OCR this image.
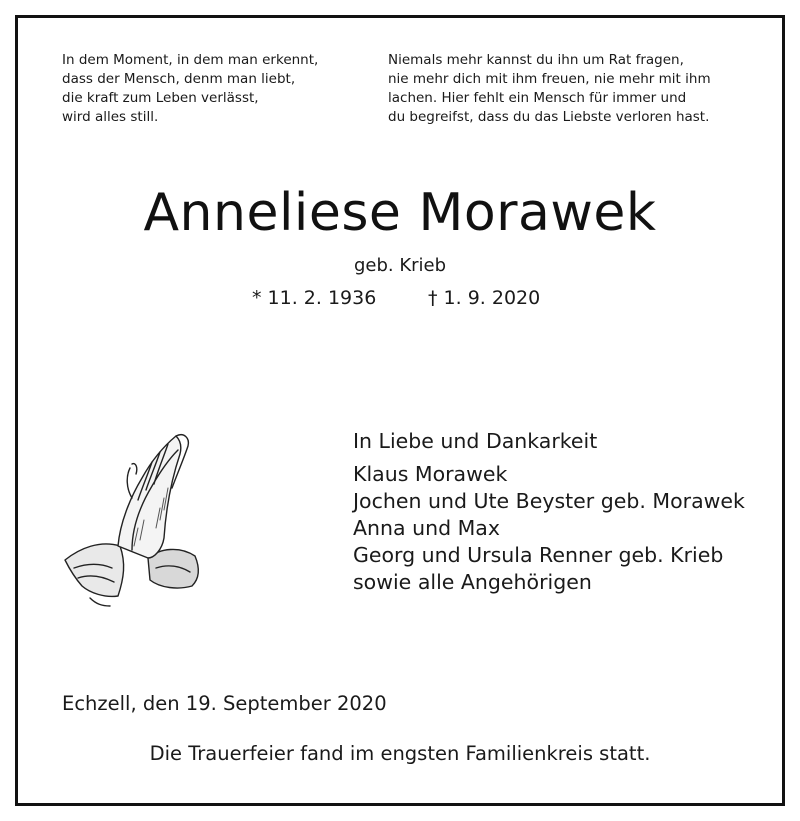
In dem Moment, in dem man erkennt,
dass der Mensch, denm man liebt,
die kraft zum Leben verlässt,
wird alles still.
Niemals mehr kannst du ihn um Rat fragen,
nie mehr dich mit ihm freuen, nie mehr mit ihm
lachen. Hier fehlt ein Mensch für immer und
du begreifst, dass du das Liebste verloren hast.
Anneliese Morawek
geb. Krieb
* 11. 2. 1936	† 1. 9. 2020
In Liebe und Dankarkeit
Klaus Morawek
Jochen und Ute Beyster geb. Morawek
Anna und Max
Georg und Ursula Renner geb. Krieb
sowie alle Angehörigen
Echzell, den 19. September 2020
Die Trauerfeier fand im engsten Familienkreis statt.
